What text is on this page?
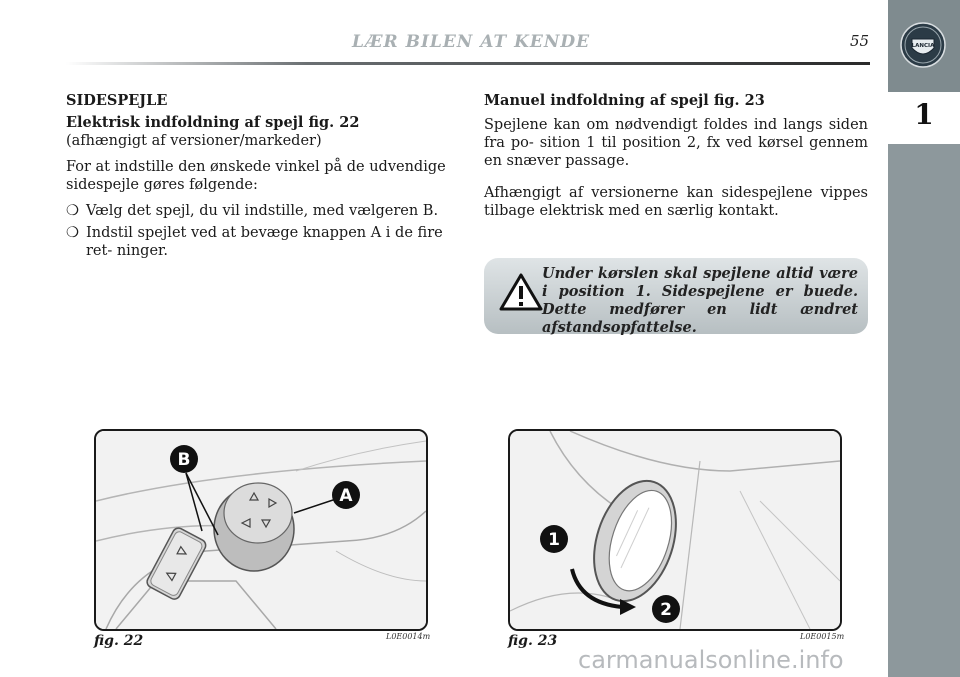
LANCIA
1
LÆR BILEN AT KENDE	55

SIDESPEJLE

Elektrisk indfoldning af spejl fig. 22

(afhængigt af versioner/markeder)

For at indstille den ønskede vinkel på de udvendige sidespejle gøres følgende:

❍ Vælg det spejl, du vil indstille, med vælgeren B.
❍ Indstil spejlet ved at bevæge knappen A i de fire ret- ninger.

Manuel indfoldning af spejl fig. 23

Spejlene kan om nødvendigt foldes ind langs siden fra po- sition 1 til position 2, fx ved kørsel gennem en snæver passage.

Afhængigt af versionerne kan sidespejlene vippes tilbage elektrisk med en særlig kontakt.

Under kørslen skal spejlene altid være i position 1. Sidespejlene er buede. Dette medfører en lidt ændret afstandsopfattelse.
B
A
fig. 22	L0E0014m
1
2
fig. 23	L0E0015m
carmanualsonline.info
